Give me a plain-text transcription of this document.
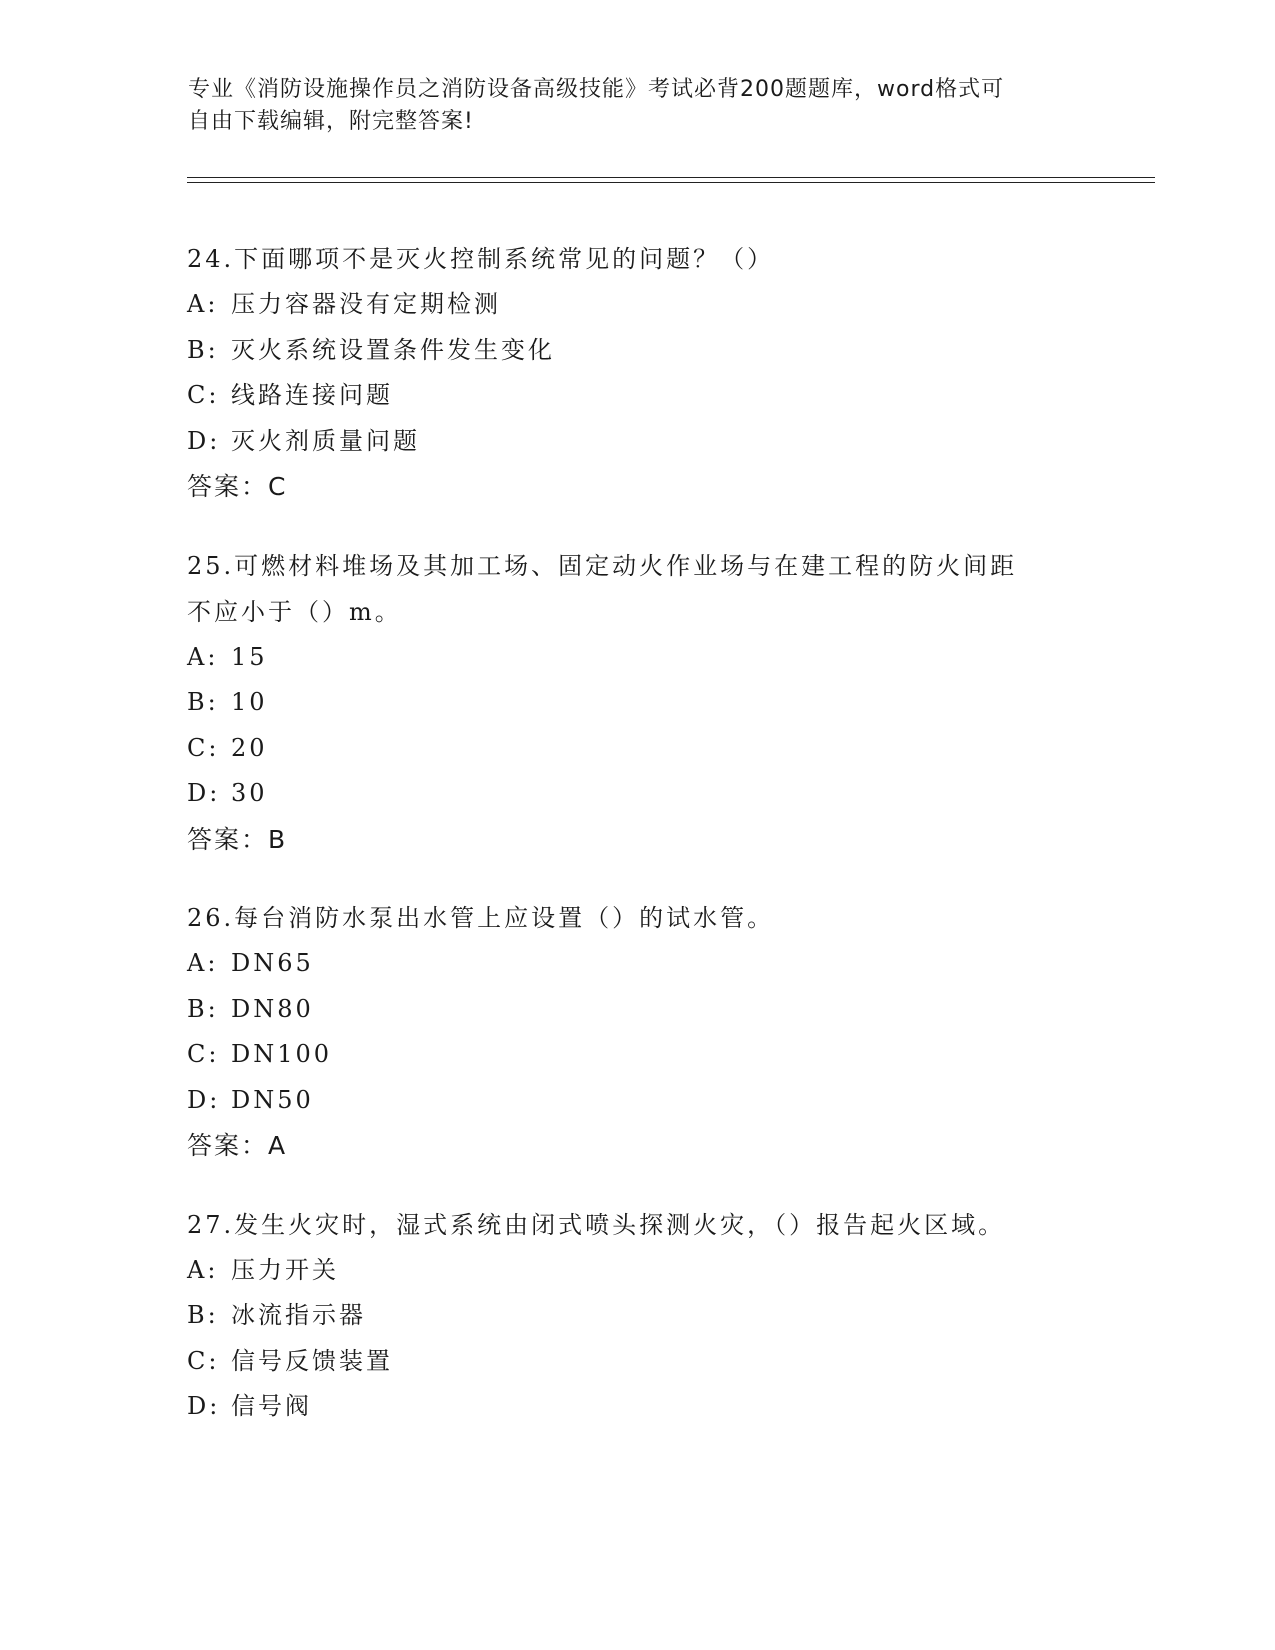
专业《消防设施操作员之消防设备高级技能》考试必背200题题库，word格式可
自由下载编辑，附完整答案!
24.下面哪项不是灭火控制系统常见的问题？（）
A: 压力容器没有定期检测
B: 灭火系统设置条件发生变化
C: 线路连接问题
D: 灭火剂质量问题
答案：C
25.可燃材料堆场及其加工场、固定动火作业场与在建工程的防火间距
不应小于（）m。
A: 15
B: 10
C: 20
D: 30
答案：B
26.每台消防水泵出水管上应设置（）的试水管。
A: DN65
B: DN80
C: DN100
D: DN50
答案：A
27.发生火灾时，湿式系统由闭式喷头探测火灾，（）报告起火区域。
A: 压力开关
B: 冰流指示器
C: 信号反馈装置
D: 信号阀
